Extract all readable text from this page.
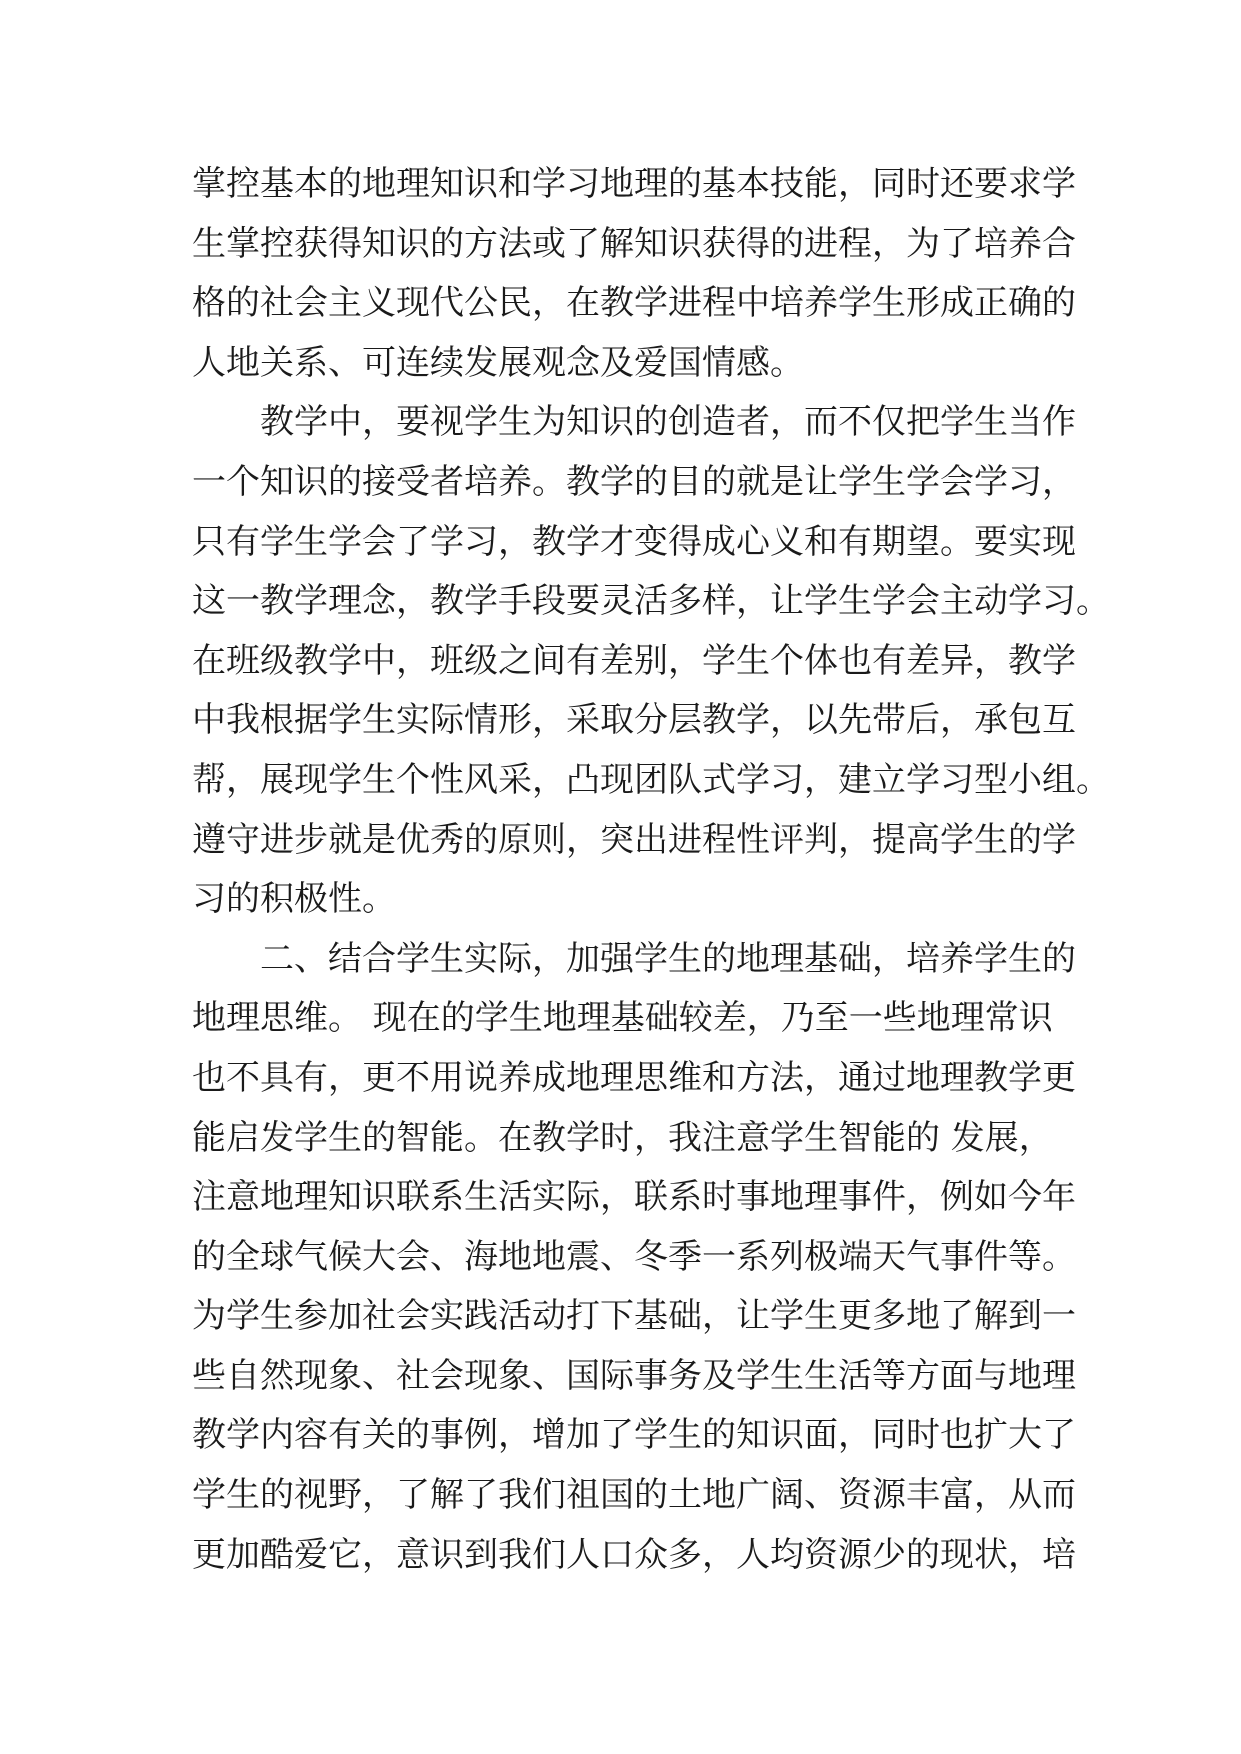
掌控基本的地理知识和学习地理的基本技能，同时还要求学
生掌控获得知识的方法或了解知识获得的进程，为了培养合
格的社会主义现代公民，在教学进程中培养学生形成正确的
人地关系、可连续发展观念及爱国情感。
教学中，要视学生为知识的创造者，而不仅把学生当作
一个知识的接受者培养。教学的目的就是让学生学会学习，
只有学生学会了学习，教学才变得成心义和有期望。要实现
这一教学理念，教学手段要灵活多样，让学生学会主动学习。
在班级教学中，班级之间有差别，学生个体也有差异，教学
中我根据学生实际情形，采取分层教学，以先带后，承包互
帮，展现学生个性风采，凸现团队式学习，建立学习型小组。
遵守进步就是优秀的原则，突出进程性评判，提高学生的学
习的积极性。
二、结合学生实际，加强学生的地理基础，培养学生的
地理思维。 现在的学生地理基础较差，乃至一些地理常识
也不具有，更不用说养成地理思维和方法，通过地理教学更
能启发学生的智能。在教学时，我注意学生智能的 发展，
注意地理知识联系生活实际，联系时事地理事件，例如今年
的全球气候大会、海地地震、冬季一系列极端天气事件等。
为学生参加社会实践活动打下基础，让学生更多地了解到一
些自然现象、社会现象、国际事务及学生生活等方面与地理
教学内容有关的事例，增加了学生的知识面，同时也扩大了
学生的视野，了解了我们祖国的土地广阔、资源丰富，从而
更加酷爱它，意识到我们人口众多，人均资源少的现状，培
